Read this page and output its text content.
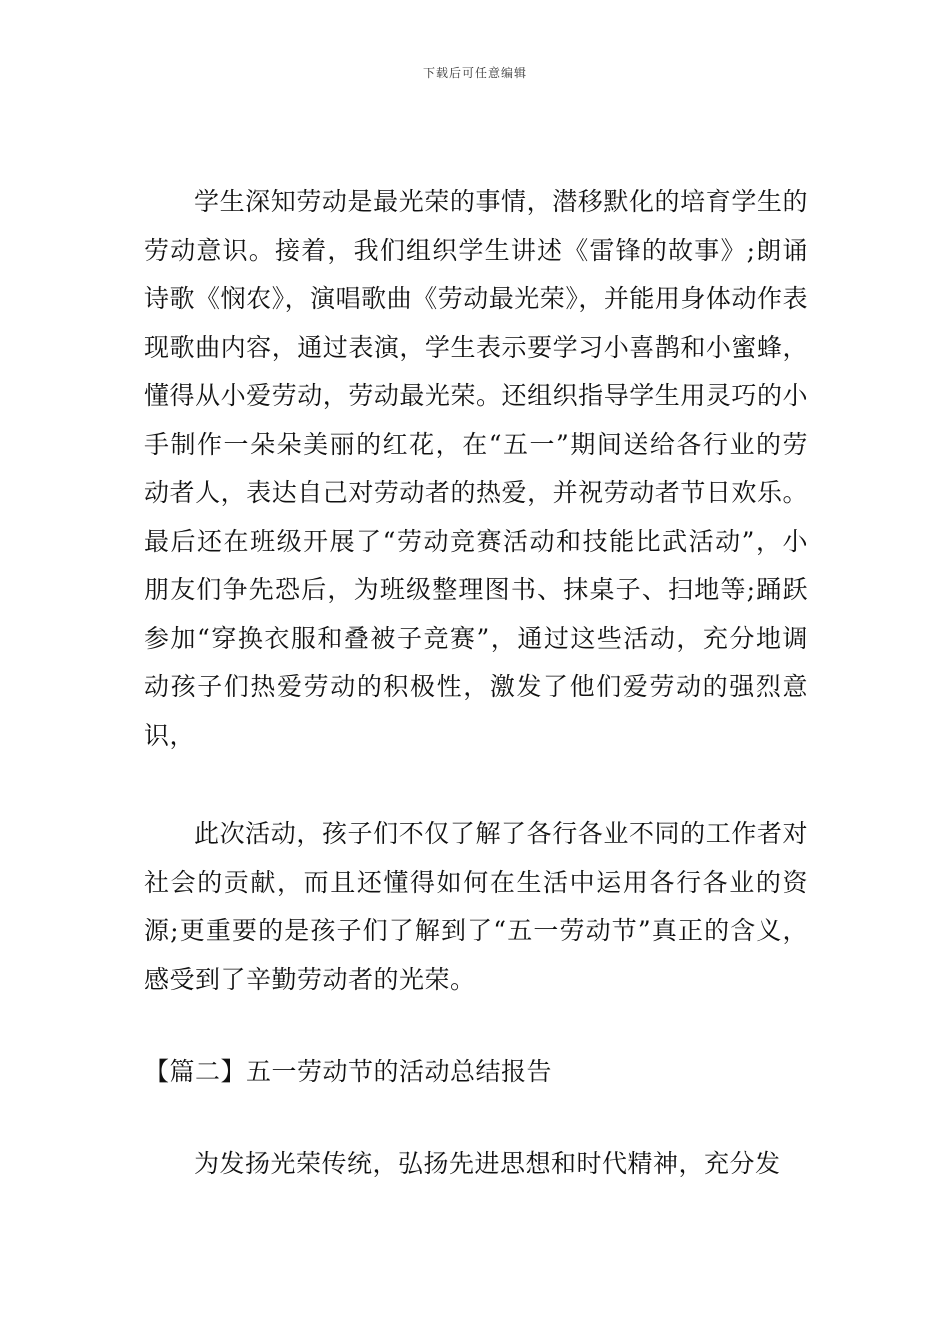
下载后可任意编辑

学生深知劳动是最光荣的事情，潜移默化的培育学生的劳动意识。接着，我们组织学生讲述《雷锋的故事》;朗诵诗歌《悯农》，演唱歌曲《劳动最光荣》，并能用身体动作表现歌曲内容，通过表演，学生表示要学习小喜鹊和小蜜蜂，懂得从小爱劳动，劳动最光荣。还组织指导学生用灵巧的小手制作一朵朵美丽的红花，在“五一”期间送给各行业的劳动者人，表达自己对劳动者的热爱，并祝劳动者节日欢乐。最后还在班级开展了“劳动竞赛活动和技能比武活动”，小朋友们争先恐后，为班级整理图书、抹桌子、扫地等;踊跃参加“穿换衣服和叠被子竞赛”，通过这些活动，充分地调动孩子们热爱劳动的积极性，激发了他们爱劳动的强烈意识，

此次活动，孩子们不仅了解了各行各业不同的工作者对社会的贡献，而且还懂得如何在生活中运用各行各业的资源;更重要的是孩子们了解到了“五一劳动节”真正的含义，感受到了辛勤劳动者的光荣。

【篇二】五一劳动节的活动总结报告

为发扬光荣传统，弘扬先进思想和时代精神，充分发
